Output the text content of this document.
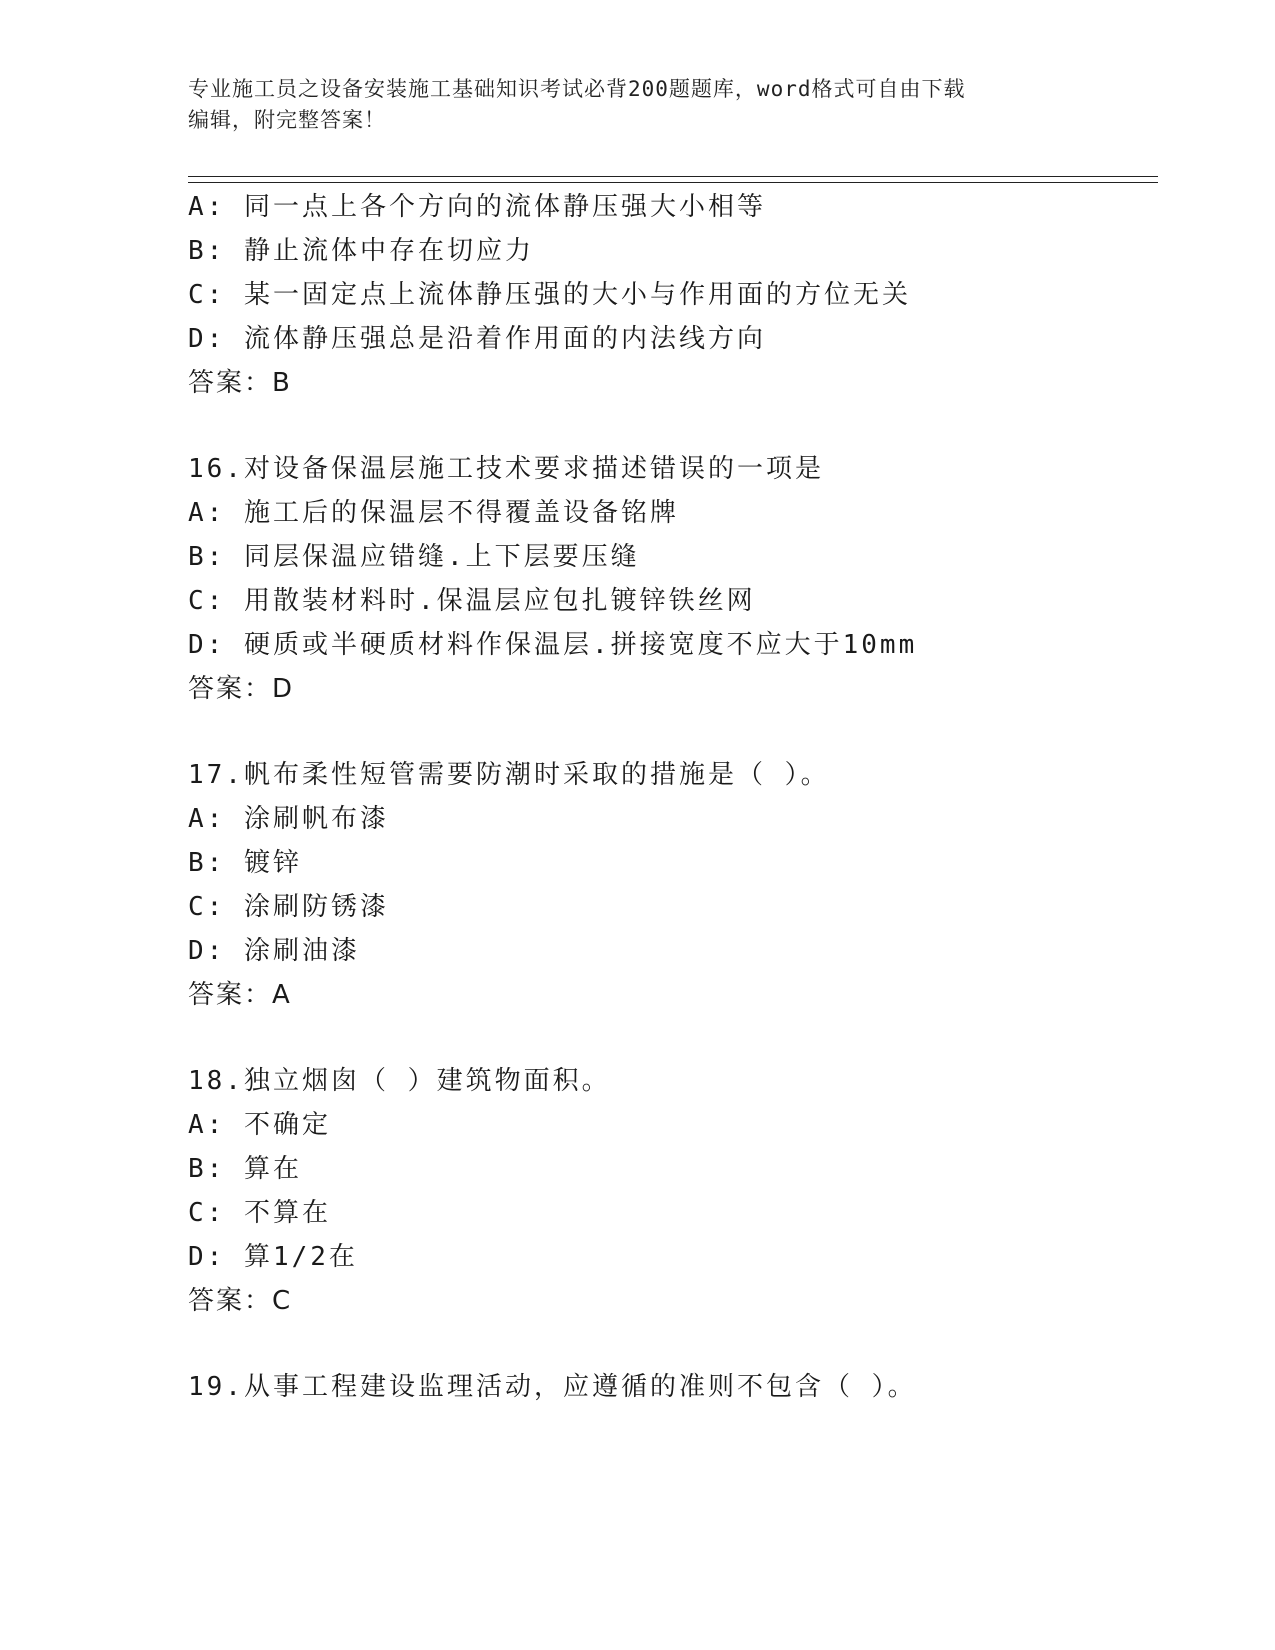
专业施工员之设备安装施工基础知识考试必背200题题库，word格式可自由下载
编辑，附完整答案！
A: 同一点上各个方向的流体静压强大小相等
B: 静止流体中存在切应力
C: 某一固定点上流体静压强的大小与作用面的方位无关
D: 流体静压强总是沿着作用面的内法线方向
答案：B
16.对设备保温层施工技术要求描述错误的一项是
A: 施工后的保温层不得覆盖设备铭牌
B: 同层保温应错缝.上下层要压缝
C: 用散装材料时.保温层应包扎镀锌铁丝网
D: 硬质或半硬质材料作保温层.拼接宽度不应大于10mm
答案：D
17.帆布柔性短管需要防潮时采取的措施是（ ）。
A: 涂刷帆布漆
B: 镀锌
C: 涂刷防锈漆
D: 涂刷油漆
答案：A
18.独立烟囱（ ）建筑物面积。
A: 不确定
B: 算在
C: 不算在
D: 算1/2在
答案：C
19.从事工程建设监理活动，应遵循的准则不包含（ ）。
